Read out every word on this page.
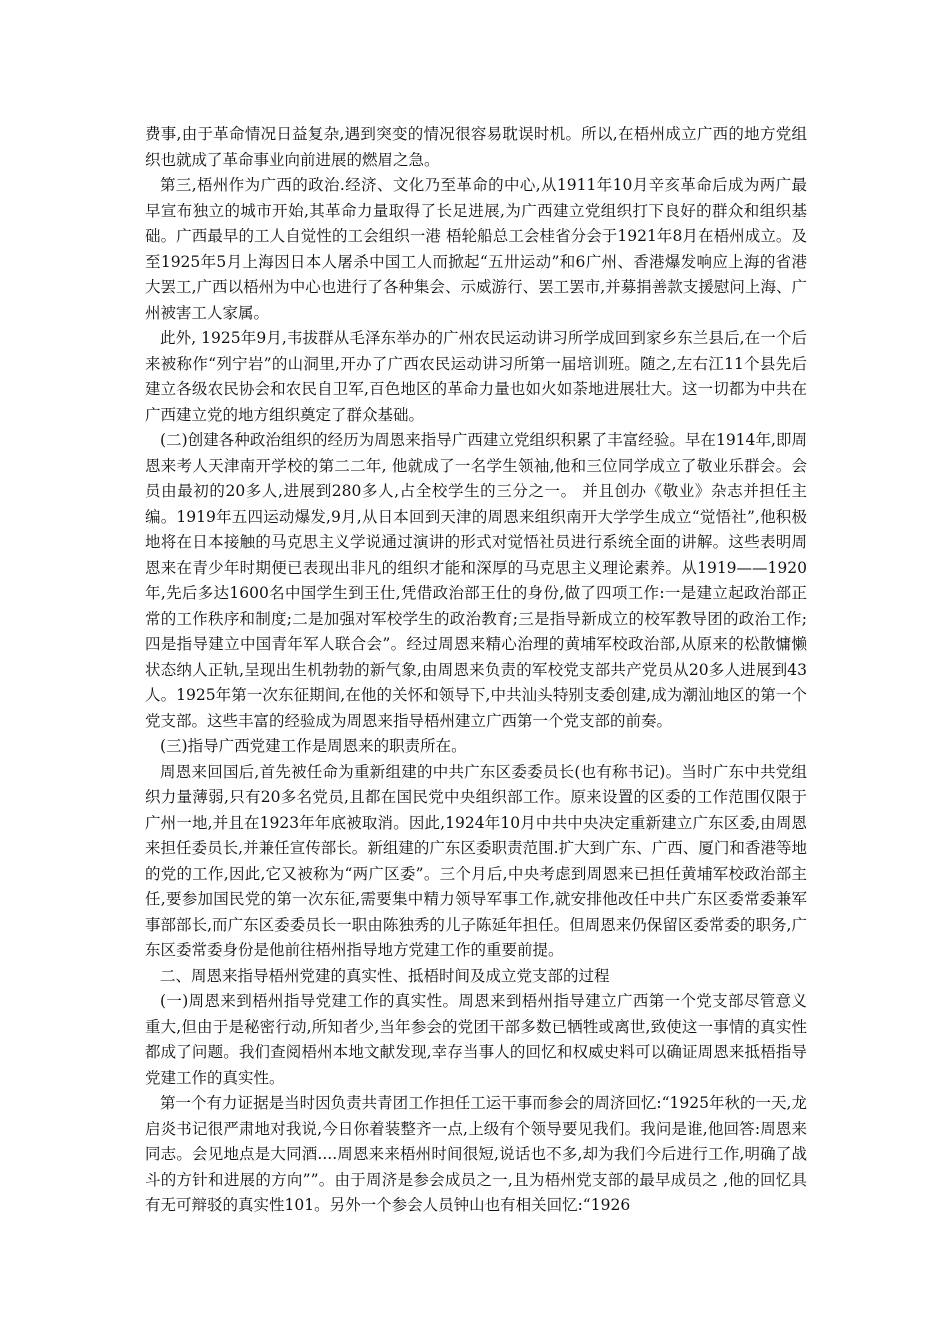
费事,由于革命情况日益复杂,遇到突变的情况很容易耽误时机。所以,在梧州成立广西的地方党组织也就成了革命事业向前进展的燃眉之急。

第三,梧州作为广西的政治.经济、文化乃至革命的中心,从1911年10月辛亥革命后成为两广最早宣布独立的城市开始,其革命力量取得了长足进展,为广西建立党组织打下良好的群众和组织基础。广西最早的工人自觉性的工会组织一港 梧轮船总工会桂省分会于1921年8月在梧州成立。及至1925年5月上海因日本人屠杀中国工人而掀起“五卅运动”和6广州、香港爆发响应上海的省港大罢工,广西以梧州为中心也进行了各种集会、示威游行、罢工罢市,并募捐善款支援慰问上海、广州被害工人家属。

此外, 1925年9月,韦拔群从毛泽东举办的广州农民运动讲习所学成回到家乡东兰县后,在一个后来被称作“列宁岩”的山洞里,开办了广西农民运动讲习所第一届培训班。随之,左右江11个县先后建立各级农民协会和农民自卫军,百色地区的革命力量也如火如荼地进展壮大。这一切都为中共在广西建立党的地方组织奠定了群众基础。

(二)创建各种政治组织的经历为周恩来指导广西建立党组织积累了丰富经验。早在1914年,即周恩来考人天津南开学校的第二二年, 他就成了一名学生领袖,他和三位同学成立了敬业乐群会。会员由最初的20多人,进展到280多人,占全校学生的三分之一。 并且创办《敬业》杂志并担任主编。1919年五四运动爆发,9月,从日本回到天津的周恩来组织南开大学学生成立“觉悟社”,他积极地将在日本接触的马克思主义学说通过演讲的形式对觉悟社员进行系统全面的讲解。这些表明周恩来在青少年时期便已表现出非凡的组织才能和深厚的马克思主义理论素养。从1919——1920年,先后多达1600名中国学生到王仕,凭借政治部王仕的身份,做了四项工作:一是建立起政治部正常的工作秩序和制度;二是加强对军校学生的政治教育;三是指导新成立的校军教导团的政治工作;四是指导建立中国青年军人联合会”。经过周恩来精心治理的黄埔军校政治部,从原来的松散慵懒状态纳人正轨,呈现出生机勃勃的新气象,由周恩来负责的军校党支部共产党员从20多人进展到43人。1925年第一次东征期间,在他的关怀和领导下,中共汕头特别支委创建,成为潮汕地区的第一个党支部。这些丰富的经验成为周恩来指导梧州建立广西第一个党支部的前奏。

(三)指导广西党建工作是周恩来的职责所在。

周恩来回国后,首先被任命为重新组建的中共广东区委委员长(也有称书记)。当时广东中共党组织力量薄弱,只有20多名党员,且都在国民党中央组织部工作。原来设置的区委的工作范围仅限于广州一地,并且在1923年年底被取消。因此,1924年10月中共中央决定重新建立广东区委,由周恩来担任委员长,并兼任宣传部长。新组建的广东区委职责范围.扩大到广东、广西、厦门和香港等地的党的工作,因此,它又被称为“两广区委”。三个月后,中央考虑到周恩来已担任黄埔军校政治部主任,要参加国民党的第一次东征,需要集中精力领导军事工作,就安排他改任中共广东区委常委兼军事部部长,而广东区委委员长一职由陈独秀的儿子陈延年担任。但周恩来仍保留区委常委的职务,广东区委常委身份是他前往梧州指导地方党建工作的重要前提。

二、周恩来指导梧州党建的真实性、抵梧时间及成立党支部的过程

(一)周恩来到梧州指导党建工作的真实性。周恩来到梧州指导建立广西第一个党支部尽管意义重大,但由于是秘密行动,所知者少,当年参会的党团干部多数已牺牲或离世,致使这一事情的真实性都成了问题。我们查阅梧州本地文献发现,幸存当事人的回忆和权威史料可以确证周恩来抵梧指导党建工作的真实性。

第一个有力证据是当时因负责共青团工作担任工运干事而参会的周济回忆:“1925年秋的一天,龙启炎书记很严肃地对我说,今日你着装整齐一点,上级有个领导要见我们。我问是谁,他回答:周恩来同志。会见地点是大同酒....周恩来来梧州时间很短,说话也不多,却为我们今后进行工作,明确了战斗的方针和进展的方向””。由于周济是参会成员之一,且为梧州党支部的最早成员之 ,他的回忆具有无可辩驳的真实性101。另外一个参会人员钟山也有相关回忆:“1926
